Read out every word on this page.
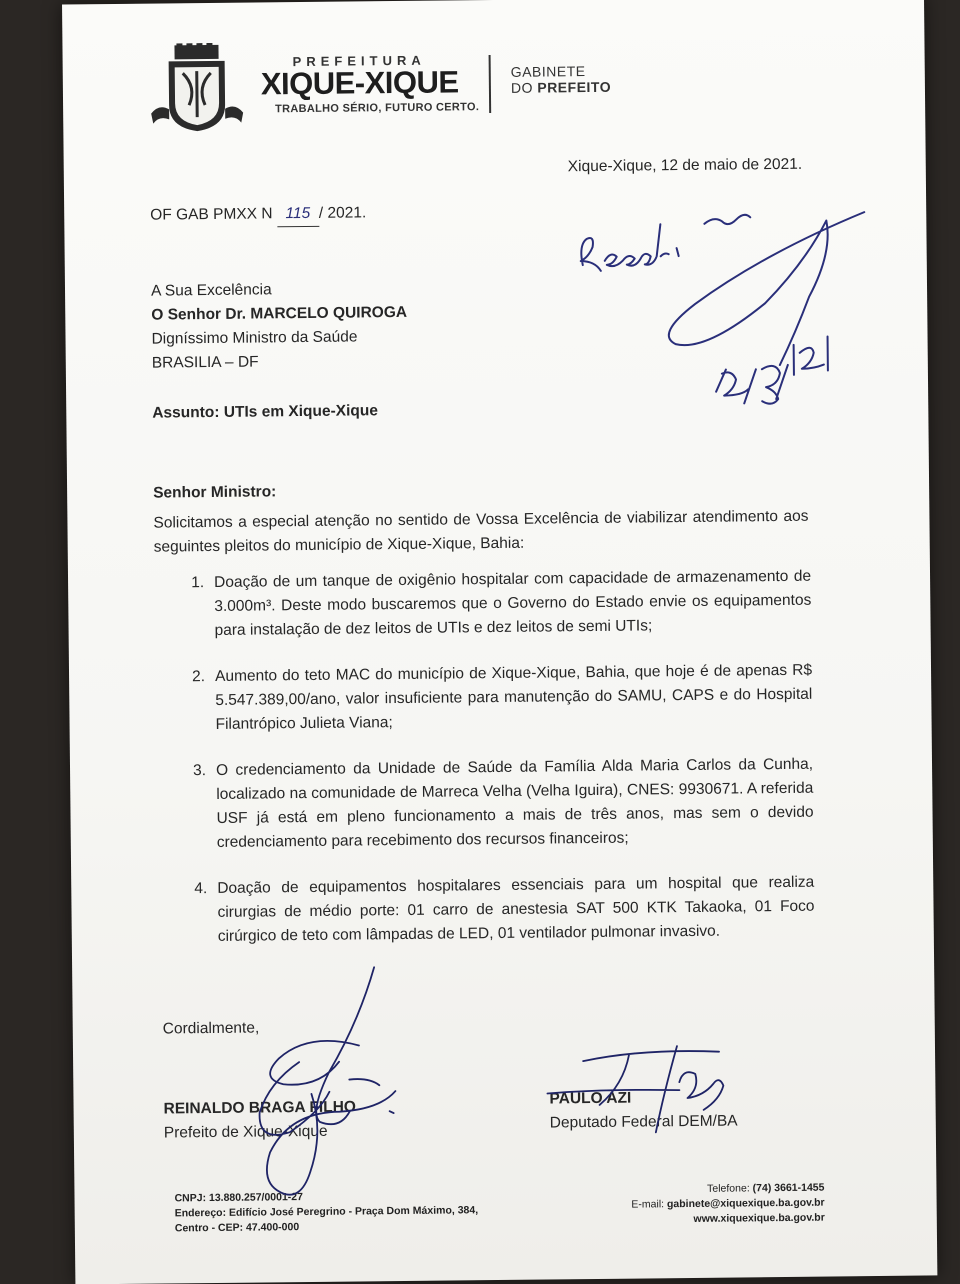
PREFEITURA
XIQUE-XIQUE
TRABALHO SÉRIO, FUTURO CERTO.
GABINETE
DO PREFEITO
Xique-Xique, 12 de maio de 2021.
OF GAB PMXX N 115 / 2021.
A Sua Excelência
O Senhor Dr. MARCELO QUIROGA
Digníssimo Ministro da Saúde
BRASILIA – DF
Assunto: UTIs em Xique-Xique
Senhor Ministro:
Solicitamos a especial atenção no sentido de Vossa Excelência de viabilizar atendimento aos seguintes pleitos do município de Xique-Xique, Bahia:
1. Doação de um tanque de oxigênio hospitalar com capacidade de armazenamento de 3.000m³. Deste modo buscaremos que o Governo do Estado envie os equipamentos para instalação de dez leitos de UTIs e dez leitos de semi UTIs;
2. Aumento do teto MAC do município de Xique-Xique, Bahia, que hoje é de apenas R$ 5.547.389,00/ano, valor insuficiente para manutenção do SAMU, CAPS e do Hospital Filantrópico Julieta Viana;
3. O credenciamento da Unidade de Saúde da Família Alda Maria Carlos da Cunha, localizado na comunidade de Marreca Velha (Velha Iguira), CNES: 9930671. A referida USF já está em pleno funcionamento a mais de três anos, mas sem o devido credenciamento para recebimento dos recursos financeiros;
4. Doação de equipamentos hospitalares essenciais para um hospital que realiza cirurgias de médio porte: 01 carro de anestesia SAT 500 KTK Takaoka, 01 Foco cirúrgico de teto com lâmpadas de LED, 01 ventilador pulmonar invasivo.
Cordialmente,
REINALDO BRAGA FILHO
Prefeito de Xique-Xique
PAULO AZI
Deputado Federal DEM/BA
CNPJ: 13.880.257/0001-27
Endereço: Edifício José Peregrino - Praça Dom Máximo, 384,
Centro - CEP: 47.400-000
Telefone: (74) 3661-1455
E-mail: gabinete@xiquexique.ba.gov.br
www.xiquexique.ba.gov.br
